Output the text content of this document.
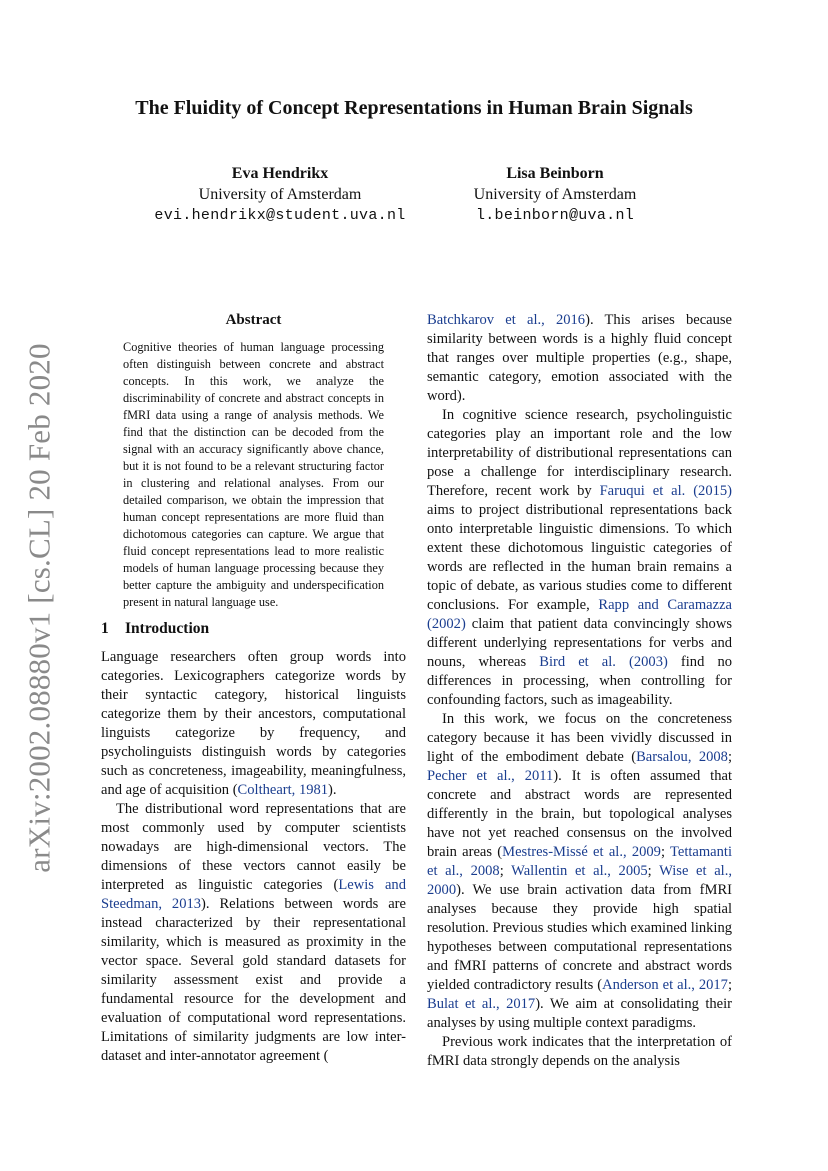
arXiv:2002.08880v1 [cs.CL] 20 Feb 2020
The Fluidity of Concept Representations in Human Brain Signals
Eva Hendrikx
University of Amsterdam
evi.hendrikx@student.uva.nl
Lisa Beinborn
University of Amsterdam
l.beinborn@uva.nl
Abstract
Cognitive theories of human language processing often distinguish between concrete and abstract concepts. In this work, we analyze the discriminability of concrete and abstract concepts in fMRI data using a range of analysis methods. We find that the distinction can be decoded from the signal with an accuracy significantly above chance, but it is not found to be a relevant structuring factor in clustering and relational analyses. From our detailed comparison, we obtain the impression that human concept representations are more fluid than dichotomous categories can capture. We argue that fluid concept representations lead to more realistic models of human language processing because they better capture the ambiguity and underspecification present in natural language use.
1 Introduction

Language researchers often group words into categories. Lexicographers categorize words by their syntactic category, historical linguists categorize them by their ancestors, computational linguists categorize by frequency, and psycholinguists distinguish words by categories such as concreteness, imageability, meaningfulness, and age of acquisition (Coltheart, 1981).

The distributional word representations that are most commonly used by computer scientists nowadays are high-dimensional vectors. The dimensions of these vectors cannot easily be interpreted as linguistic categories (Lewis and Steedman, 2013). Relations between words are instead characterized by their representational similarity, which is measured as proximity in the vector space. Several gold standard datasets for similarity assessment exist and provide a fundamental resource for the development and evaluation of computational word representations. Limitations of similarity judgments are low inter-dataset and inter-annotator agreement (

Batchkarov et al., 2016). This arises because similarity between words is a highly fluid concept that ranges over multiple properties (e.g., shape, semantic category, emotion associated with the word).

In cognitive science research, psycholinguistic categories play an important role and the low interpretability of distributional representations can pose a challenge for interdisciplinary research. Therefore, recent work by Faruqui et al. (2015) aims to project distributional representations back onto interpretable linguistic dimensions. To which extent these dichotomous linguistic categories of words are reflected in the human brain remains a topic of debate, as various studies come to different conclusions. For example, Rapp and Caramazza (2002) claim that patient data convincingly shows different underlying representations for verbs and nouns, whereas Bird et al. (2003) find no differences in processing, when controlling for confounding factors, such as imageability.

In this work, we focus on the concreteness category because it has been vividly discussed in light of the embodiment debate (Barsalou, 2008; Pecher et al., 2011). It is often assumed that concrete and abstract words are represented differently in the brain, but topological analyses have not yet reached consensus on the involved brain areas (Mestres-Missé et al., 2009; Tettamanti et al., 2008; Wallentin et al., 2005; Wise et al., 2000). We use brain activation data from fMRI analyses because they provide high spatial resolution. Previous studies which examined linking hypotheses between computational representations and fMRI patterns of concrete and abstract words yielded contradictory results (Anderson et al., 2017; Bulat et al., 2017). We aim at consolidating their analyses by using multiple context paradigms.

Previous work indicates that the interpretation of fMRI data strongly depends on the analysis
